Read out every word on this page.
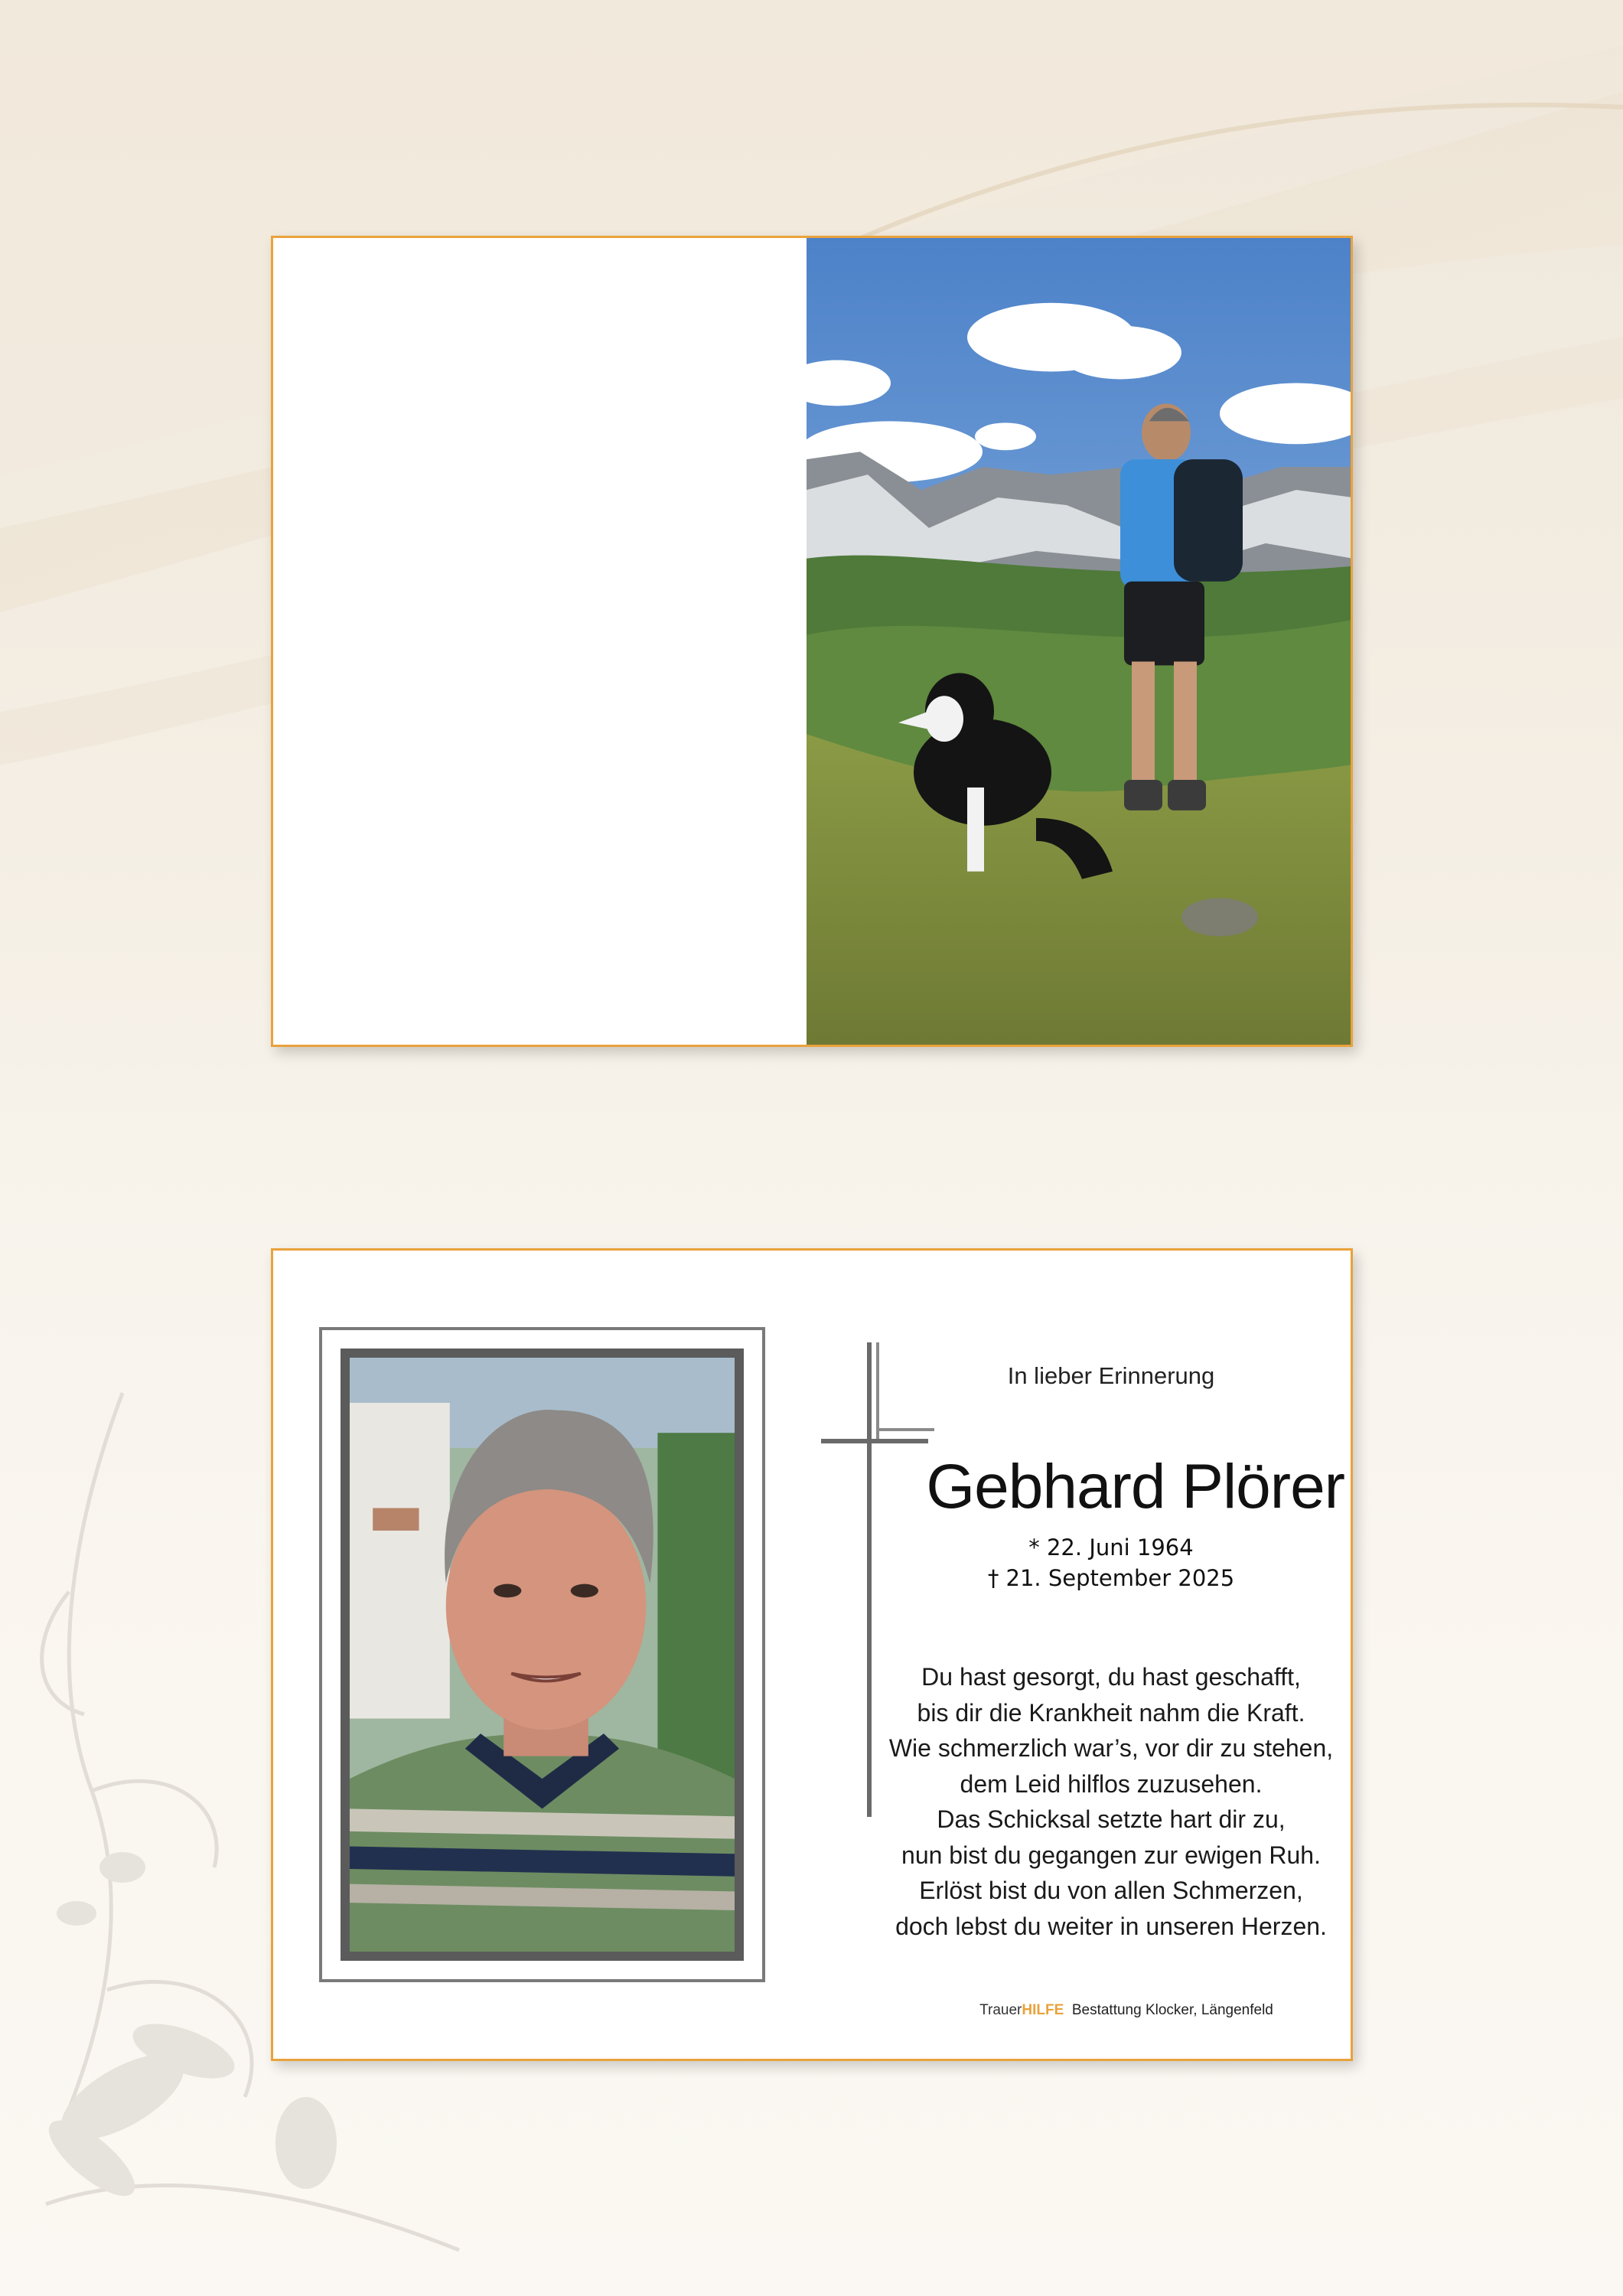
In lieber Erinnerung
Gebhard Plörer
* 22. Juni 1964
† 21. September 2025
Du hast gesorgt, du hast geschafft,
bis dir die Krankheit nahm die Kraft.
Wie schmerzlich war’s, vor dir zu stehen,
dem Leid hilflos zuzusehen.
Das Schicksal setzte hart dir zu,
nun bist du gegangen zur ewigen Ruh.
Erlöst bist du von allen Schmerzen,
doch lebst du weiter in unseren Herzen.
TrauerHILFE Bestattung Klocker, Längenfeld
